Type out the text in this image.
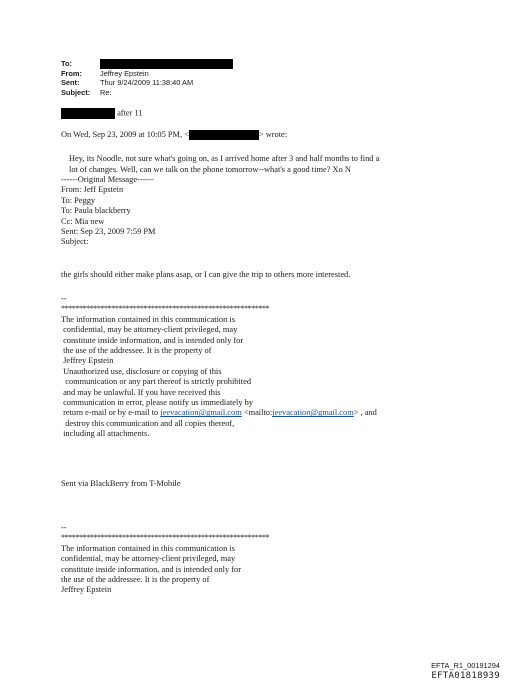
To:
From:	Jeffrey Epstein
Sent:	Thur 9/24/2009 11:38:40 AM
Subject:	Re:
after 11
On Wed, Sep 23, 2009 at 10:05 PM, <	> wrote:
Hey, its Noodle, not sure what's going on, as I arrived home after 3 and half months to find a
lot of changes. Well, can we talk on the phone tomorrow--what's a good time? Xo N
------Original Message------
From: Jeff Epstein
To: Peggy
To: Paula blackberry
Cc: Mia new
Sent: Sep 23, 2009 7:59 PM
Subject:
the girls should either make plans asap, or I can give the trip to others more interested.
--
**********************************************************
The information contained in this communication is
confidential, may be attorney-client privileged, may
constitute inside information, and is intended only for
the use of the addressee. It is the property of
Jeffrey Epstein
Unauthorized use, disclosure or copying of this
communication or any part thereof is strictly prohibited
and may be unlawful. If you have received this
communication in error, please notify us immediately by
return e-mail or by e-mail to jeevacation@gmail.com <mailto:jeevacation@gmail.com> , and
destroy this communication and all copies thereof,
including all attachments.
Sent via BlackBerry from T-Mobile
--
**********************************************************
The information contained in this communication is
confidential, may be attorney-client privileged, may
constitute inside information, and is intended only for
the use of the addressee. It is the property of
Jeffrey Epstein
EFTA_R1_00191294
EFTA01818939
